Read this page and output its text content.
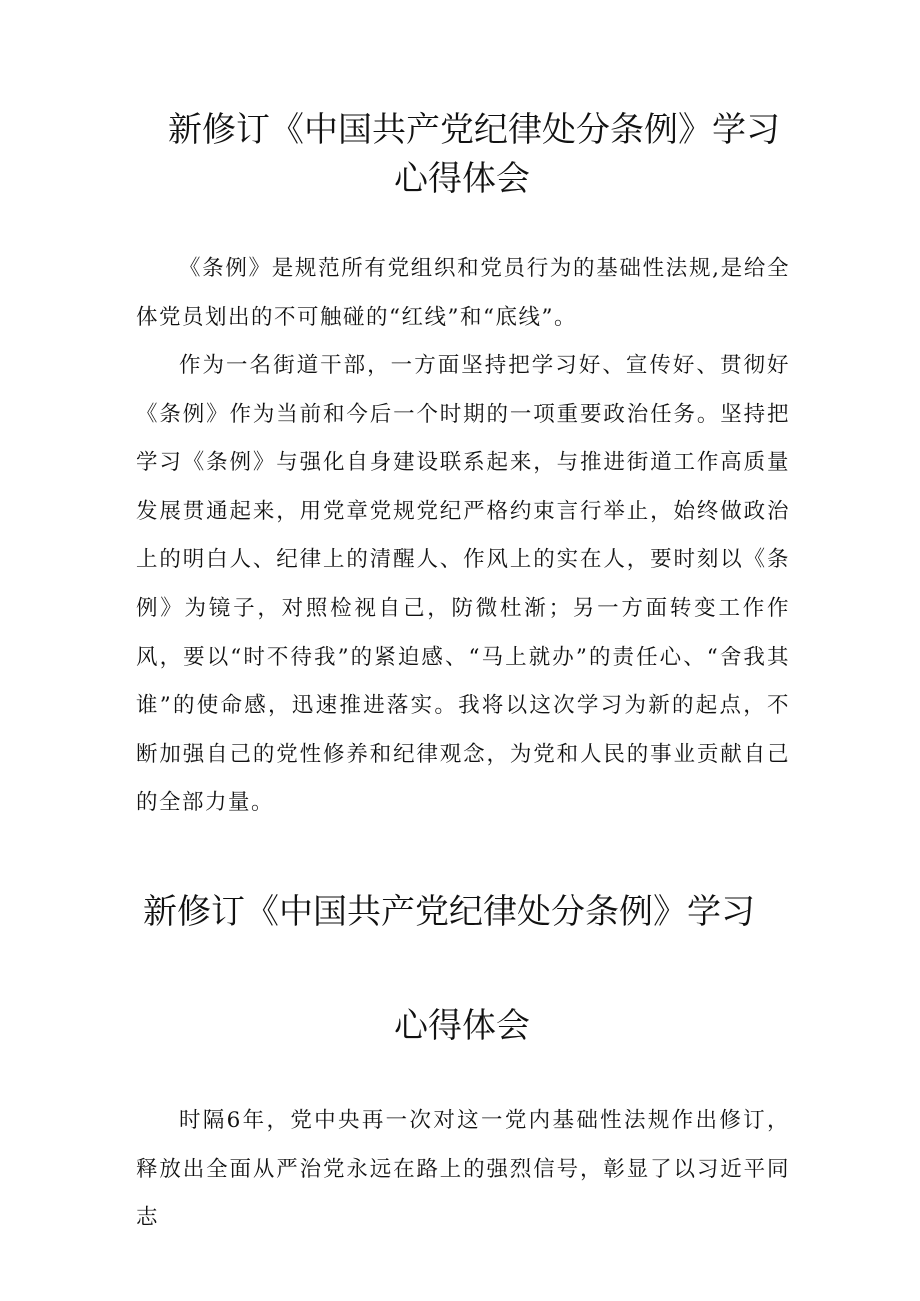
新修订《中国共产党纪律处分条例》学习
心得体会

《条例》是规范所有党组织和党员行为的基础性法规,是给全体党员划出的不可触碰的“红线”和“底线”。

作为一名街道干部，一方面坚持把学习好、宣传好、贯彻好《条例》作为当前和今后一个时期的一项重要政治任务。坚持把学习《条例》与强化自身建设联系起来，与推进街道工作高质量发展贯通起来，用党章党规党纪严格约束言行举止，始终做政治上的明白人、纪律上的清醒人、作风上的实在人，要时刻以《条例》为镜子，对照检视自己，防微杜渐；另一方面转变工作作风，要以“时不待我”的紧迫感、“马上就办”的责任心、“舍我其谁”的使命感，迅速推进落实。我将以这次学习为新的起点，不断加强自己的党性修养和纪律观念，为党和人民的事业贡献自己的全部力量。

新修订《中国共产党纪律处分条例》学习
心得体会

时隔6年，党中央再一次对这一党内基础性法规作出修订，释放出全面从严治党永远在路上的强烈信号，彰显了以习近平同志
